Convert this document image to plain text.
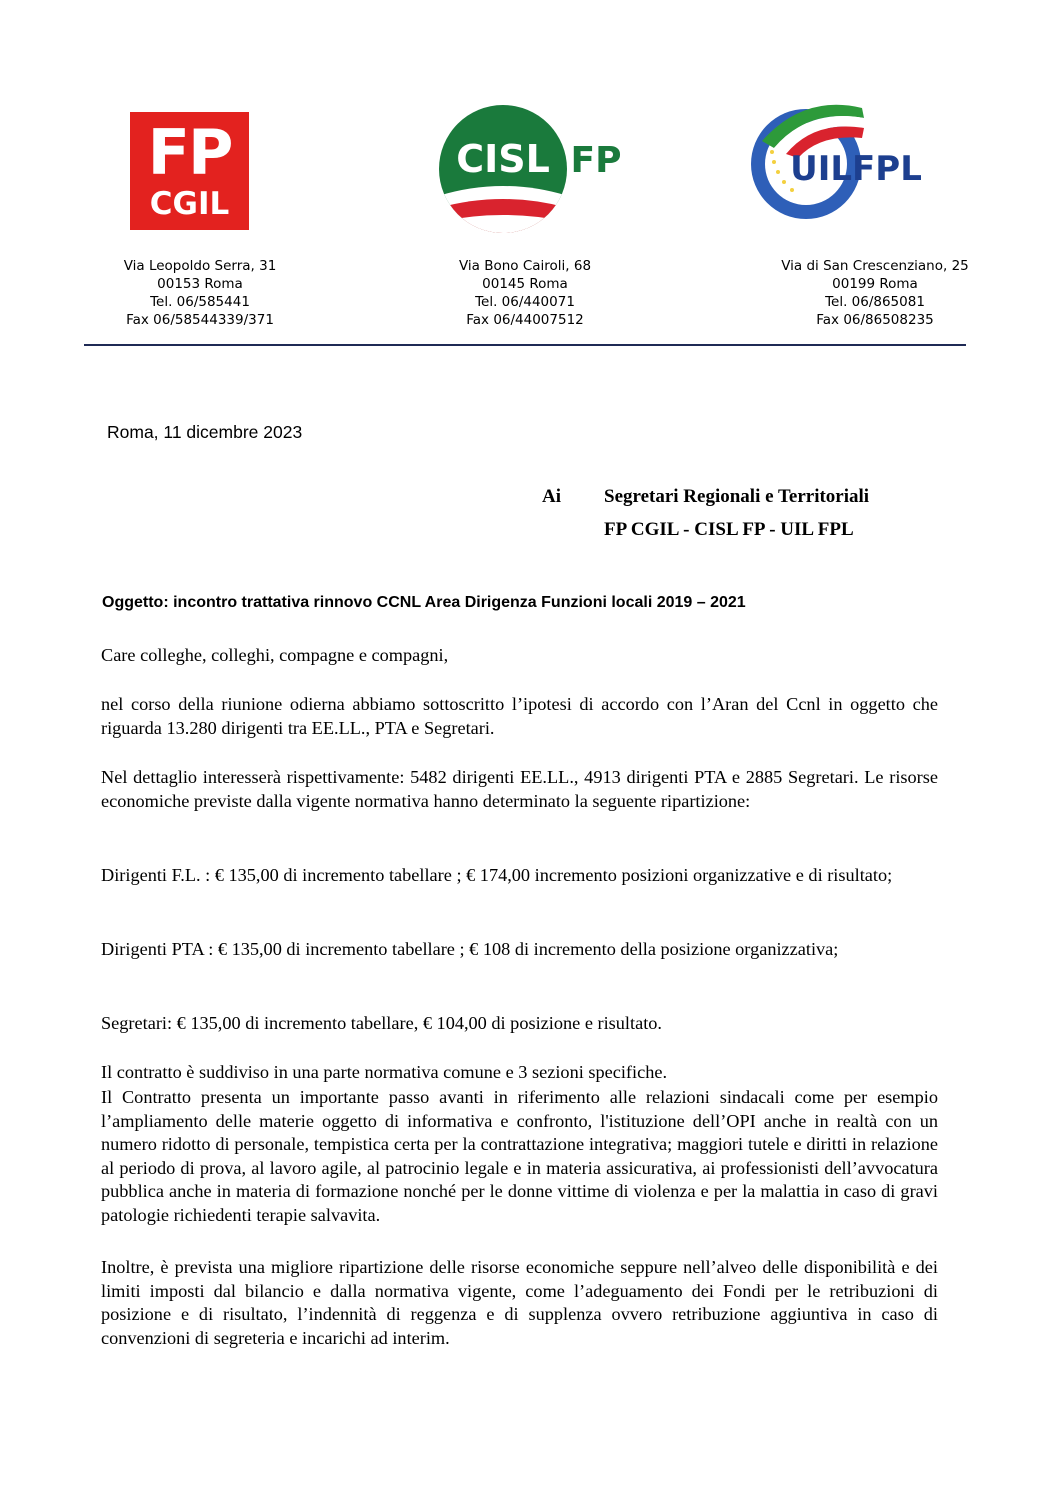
FP
CGIL
CISL FP	UILFPL
Via Leopoldo Serra, 31
00153 Roma
Tel. 06/585441
Fax 06/58544339/371
Via Bono Cairoli, 68
00145 Roma
Tel. 06/440071
Fax 06/44007512
Via di San Crescenziano, 25
00199 Roma
Tel. 06/865081
Fax 06/86508235
Roma, 11 dicembre 2023
Ai Segretari Regionali e Territoriali
FP CGIL - CISL FP - UIL FPL
Oggetto: incontro trattativa rinnovo CCNL Area Dirigenza Funzioni locali 2019 – 2021
Care colleghe, colleghi, compagne e compagni,
nel corso della riunione odierna abbiamo sottoscritto l’ipotesi di accordo con l’Aran del Ccnl in oggetto che riguarda 13.280 dirigenti tra EE.LL., PTA e Segretari.
Nel dettaglio interesserà rispettivamente: 5482 dirigenti EE.LL., 4913 dirigenti PTA e 2885 Segretari. Le risorse economiche previste dalla vigente normativa hanno determinato la seguente ripartizione:
Dirigenti F.L. : € 135,00 di incremento tabellare ; € 174,00 incremento posizioni organizzative e di risultato;
Dirigenti PTA : € 135,00 di incremento tabellare ; € 108 di incremento della posizione organizzativa;
Segretari: € 135,00 di incremento tabellare, € 104,00 di posizione e risultato.
Il contratto è suddiviso in una parte normativa comune e 3 sezioni specifiche.
Il Contratto presenta un importante passo avanti in riferimento alle relazioni sindacali come per esempio l’ampliamento delle materie oggetto di informativa e confronto, l'istituzione dell’OPI anche in realtà con un numero ridotto di personale, tempistica certa per la contrattazione integrativa; maggiori tutele e diritti in relazione al periodo di prova, al lavoro agile, al patrocinio legale e in materia assicurativa, ai professionisti dell’avvocatura pubblica anche in materia di formazione nonché per le donne vittime di violenza e per la malattia in caso di gravi patologie richiedenti terapie salvavita.
Inoltre, è prevista una migliore ripartizione delle risorse economiche seppure nell’alveo delle disponibilità e dei limiti imposti dal bilancio e dalla normativa vigente, come l’adeguamento dei Fondi per le retribuzioni di posizione e di risultato, l’indennità di reggenza e di supplenza ovvero retribuzione aggiuntiva in caso di convenzioni di segreteria e incarichi ad interim.
